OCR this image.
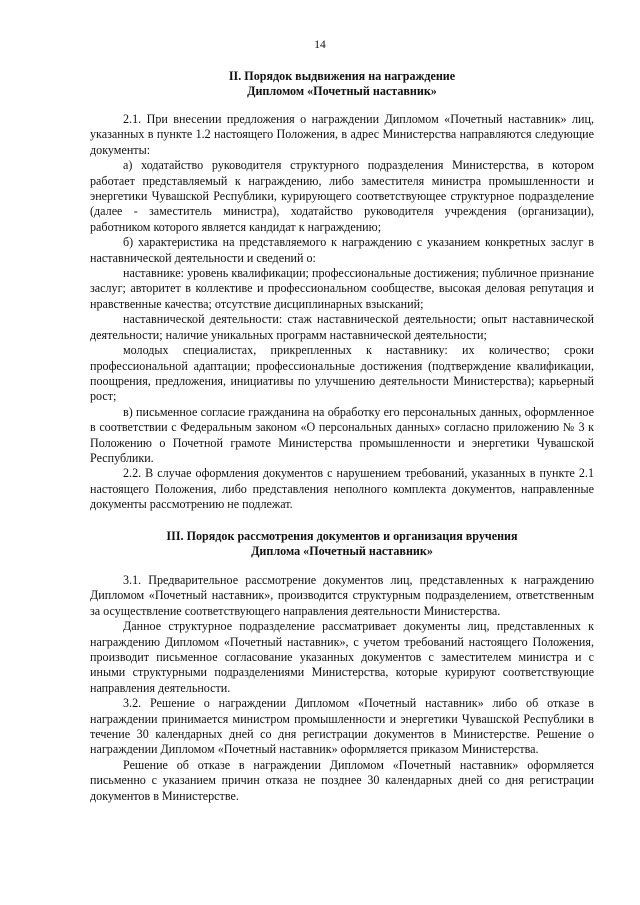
14
II. Порядок выдвижения на награждение
Дипломом «Почетный наставник»

2.1. При внесении предложения о награждении Дипломом «Почетный наставник» лиц, указанных в пункте 1.2 настоящего Положения, в адрес Министерства направляются следующие документы:

а) ходатайство руководителя структурного подразделения Министерства, в котором работает представляемый к награждению, либо заместителя министра промышленности и энергетики Чувашской Республики, курирующего соответствующее структурное подразделение (далее - заместитель министра), ходатайство руководителя учреждения (организации), работником которого является кандидат к награждению;

б) характеристика на представляемого к награждению с указанием конкретных заслуг в наставнической деятельности и сведений о:

наставнике: уровень квалификации; профессиональные достижения; публичное признание заслуг; авторитет в коллективе и профессиональном сообществе, высокая деловая репутация и нравственные качества; отсутствие дисциплинарных взысканий;

наставнической деятельности: стаж наставнической деятельности; опыт наставнической деятельности; наличие уникальных программ наставнической деятельности;

молодых специалистах, прикрепленных к наставнику: их количество; сроки профессиональной адаптации; профессиональные достижения (подтверждение квалификации, поощрения, предложения, инициативы по улучшению деятельности Министерства); карьерный рост;

в) письменное согласие гражданина на обработку его персональных данных, оформленное в соответствии с Федеральным законом «О персональных данных» согласно приложению № 3 к Положению о Почетной грамоте Министерства промышленности и энергетики Чувашской Республики.

2.2. В случае оформления документов с нарушением требований, указанных в пункте 2.1 настоящего Положения, либо представления неполного комплекта документов, направленные документы рассмотрению не подлежат.

III. Порядок рассмотрения документов и организация вручения
Диплома «Почетный наставник»

3.1. Предварительное рассмотрение документов лиц, представленных к награждению Дипломом «Почетный наставник», производится структурным подразделением, ответственным за осуществление соответствующего направления деятельности Министерства.

Данное структурное подразделение рассматривает документы лиц, представленных к награждению Дипломом «Почетный наставник», с учетом требований настоящего Положения, производит письменное согласование указанных документов с заместителем министра и с иными структурными подразделениями Министерства, которые курируют соответствующие направления деятельности.

3.2. Решение о награждении Дипломом «Почетный наставник» либо об отказе в награждении принимается министром промышленности и энергетики Чувашской Республики в течение 30 календарных дней со дня регистрации документов в Министерстве. Решение о награждении Дипломом «Почетный наставник» оформляется приказом Министерства.

Решение об отказе в награждении Дипломом «Почетный наставник» оформляется письменно с указанием причин отказа не позднее 30 календарных дней со дня регистрации документов в Министерстве.
